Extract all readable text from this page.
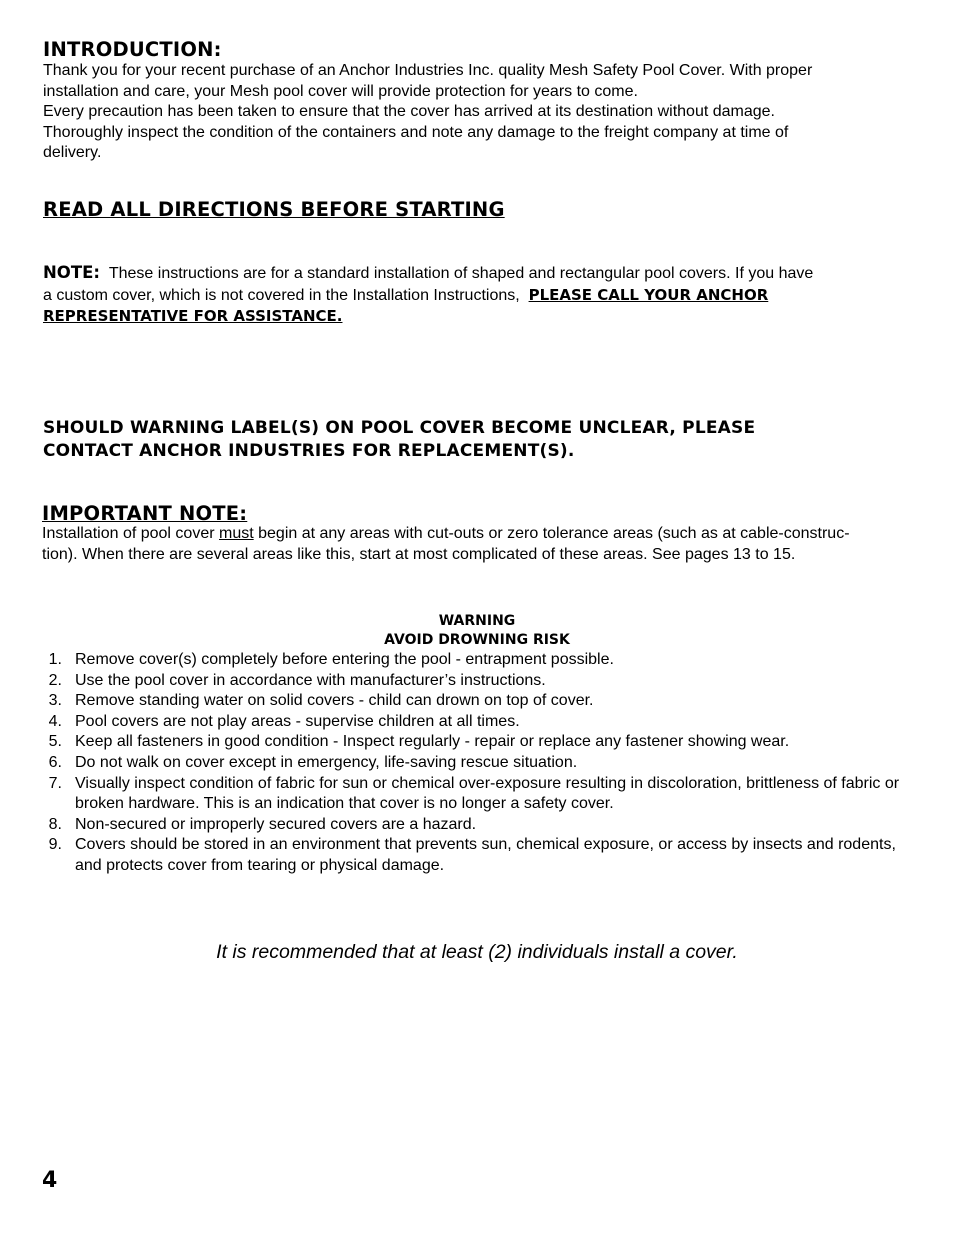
INTRODUCTION:
Thank you for your recent purchase of an Anchor Industries Inc. quality Mesh Safety Pool Cover. With proper
installation and care, your Mesh pool cover will provide protection for years to come.
Every precaution has been taken to ensure that the cover has arrived at its destination without damage.
Thoroughly inspect the condition of the containers and note any damage to the freight company at time of
delivery.
READ ALL DIRECTIONS BEFORE STARTING
NOTE: These instructions are for a standard installation of shaped and rectangular pool covers. If you have
a custom cover, which is not covered in the Installation Instructions, PLEASE CALL YOUR ANCHOR
REPRESENTATIVE FOR ASSISTANCE.
SHOULD WARNING LABEL(S) ON POOL COVER BECOME UNCLEAR, PLEASE
CONTACT ANCHOR INDUSTRIES FOR REPLACEMENT(S).
IMPORTANT NOTE:
Installation of pool cover must begin at any areas with cut-outs or zero tolerance areas (such as at cable-construc-
tion). When there are several areas like this, start at most complicated of these areas. See pages 13 to 15.
WARNING
AVOID DROWNING RISK
1. Remove cover(s) completely before entering the pool - entrapment possible.
2. Use the pool cover in accordance with manufacturer’s instructions.
3. Remove standing water on solid covers - child can drown on top of cover.
4. Pool covers are not play areas - supervise children at all times.
5. Keep all fasteners in good condition - Inspect regularly - repair or replace any fastener showing wear.
6. Do not walk on cover except in emergency, life-saving rescue situation.
7. Visually inspect condition of fabric for sun or chemical over-exposure resulting in discoloration, brittleness of fabric or broken hardware. This is an indication that cover is no longer a safety cover.
8. Non-secured or improperly secured covers are a hazard.
9. Covers should be stored in an environment that prevents sun, chemical exposure, or access by insects and rodents, and protects cover from tearing or physical damage.
It is recommended that at least (2) individuals install a cover.
4
